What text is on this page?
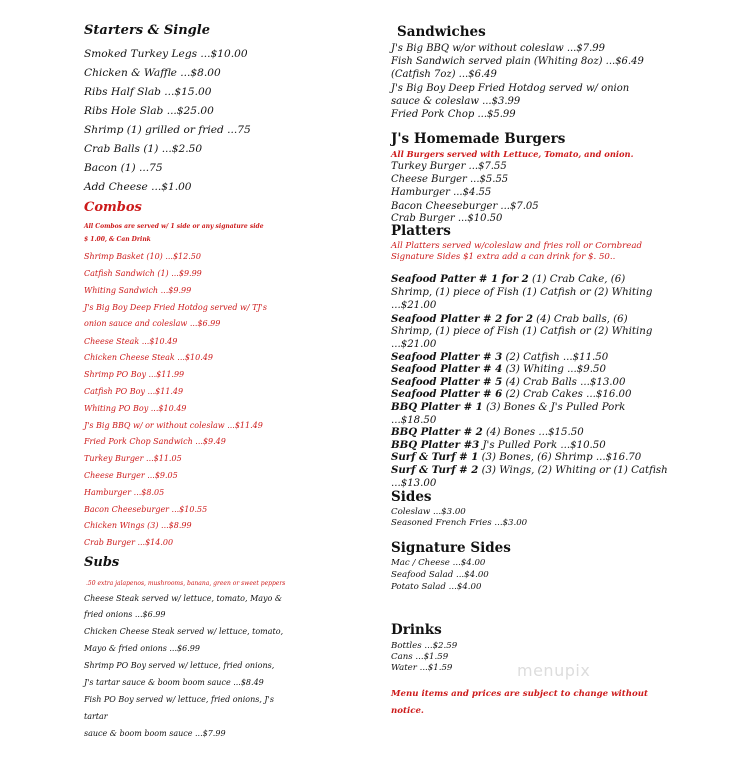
Starters & Single
Smoked Turkey Legs ...$10.00
Chicken & Waffle ...$8.00
Ribs Half Slab ...$15.00
Ribs Hole Slab ...$25.00
Shrimp (1) grilled or fried ...75
Crab Balls (1) ...$2.50
Bacon (1) ...75
Add Cheese ...$1.00
Combos
All Combos are served w/ 1 side or any signature side
$ 1.00, & Can Drink
Shrimp Basket (10) ...$12.50
Catfish Sandwich (1) ...$9.99
Whiting Sandwich ...$9.99
J's Big Boy Deep Fried Hotdog served w/ TJ's
onion sauce and coleslaw ...$6.99
Cheese Steak ...$10.49
Chicken Cheese Steak ...$10.49
Shrimp PO Boy ...$11.99
Catfish PO Boy ...$11.49
Whiting PO Boy ...$10.49
J's Big BBQ w/ or without coleslaw ...$11.49
Fried Pork Chop Sandwich ...$9.49
Turkey Burger ...$11.05
Cheese Burger ...$9.05
Hamburger ...$8.05
Bacon Cheeseburger ...$10.55
Chicken Wings (3) ...$8.99
Crab Burger ...$14.00
Subs
.50 extra jalapenos, mushrooms, banana, green or sweet peppers
Cheese Steak served w/ lettuce, tomato, Mayo &
fried onions ...$6.99
Chicken Cheese Steak served w/ lettuce, tomato,
Mayo & fried onions ...$6.99
Shrimp PO Boy served w/ lettuce, fried onions,
J's tartar sauce & boom boom sauce ...$8.49
Fish PO Boy served w/ lettuce, fried onions, J's
tartar
sauce & boom boom sauce ...$7.99
Sandwiches
J's Big BBQ w/or without coleslaw ...$7.99
Fish Sandwich served plain (Whiting 8oz) ...$6.49
(Catfish 7oz) ...$6.49
J's Big Boy Deep Fried Hotdog served w/ onion
sauce & coleslaw ...$3.99
Fried Pork Chop ...$5.99
J's Homemade Burgers
All Burgers served with Lettuce, Tomato, and onion.
Turkey Burger ...$7.55
Cheese Burger ...$5.55
Hamburger ...$4.55
Bacon Cheeseburger ...$7.05
Crab Burger ...$10.50
Platters
All Platters served w/coleslaw and fries roll or Cornbread
Signature Sides $1 extra add a can drink for $. 50..
Seafood Patter # 1 for 2 (1) Crab Cake, (6)
Shrimp, (1) piece of Fish (1) Catfish or (2) Whiting
...$21.00
Seafood Platter # 2 for 2 (4) Crab balls, (6)
Shrimp, (1) piece of Fish (1) Catfish or (2) Whiting
...$21.00
Seafood Platter # 3 (2) Catfish ...$11.50
Seafood Platter # 4 (3) Whiting ...$9.50
Seafood Platter # 5 (4) Crab Balls ...$13.00
Seafood Platter # 6 (2) Crab Cakes ...$16.00
BBQ Platter # 1 (3) Bones & J's Pulled Pork
...$18.50
BBQ Platter # 2 (4) Bones ...$15.50
BBQ Platter #3 J's Pulled Pork ...$10.50
Surf & Turf # 1 (3) Bones, (6) Shrimp ...$16.70
Surf & Turf # 2 (3) Wings, (2) Whiting or (1) Catfish
...$13.00
Sides
Coleslaw ...$3.00
Seasoned French Fries ...$3.00
Signature Sides
Mac / Cheese ...$4.00
Seafood Salad ...$4.00
Potato Salad ...$4.00
Drinks
Bottles ...$2.59
Cans ...$1.59
Water ...$1.59
Menu items and prices are subject to change without
notice.
menupix
